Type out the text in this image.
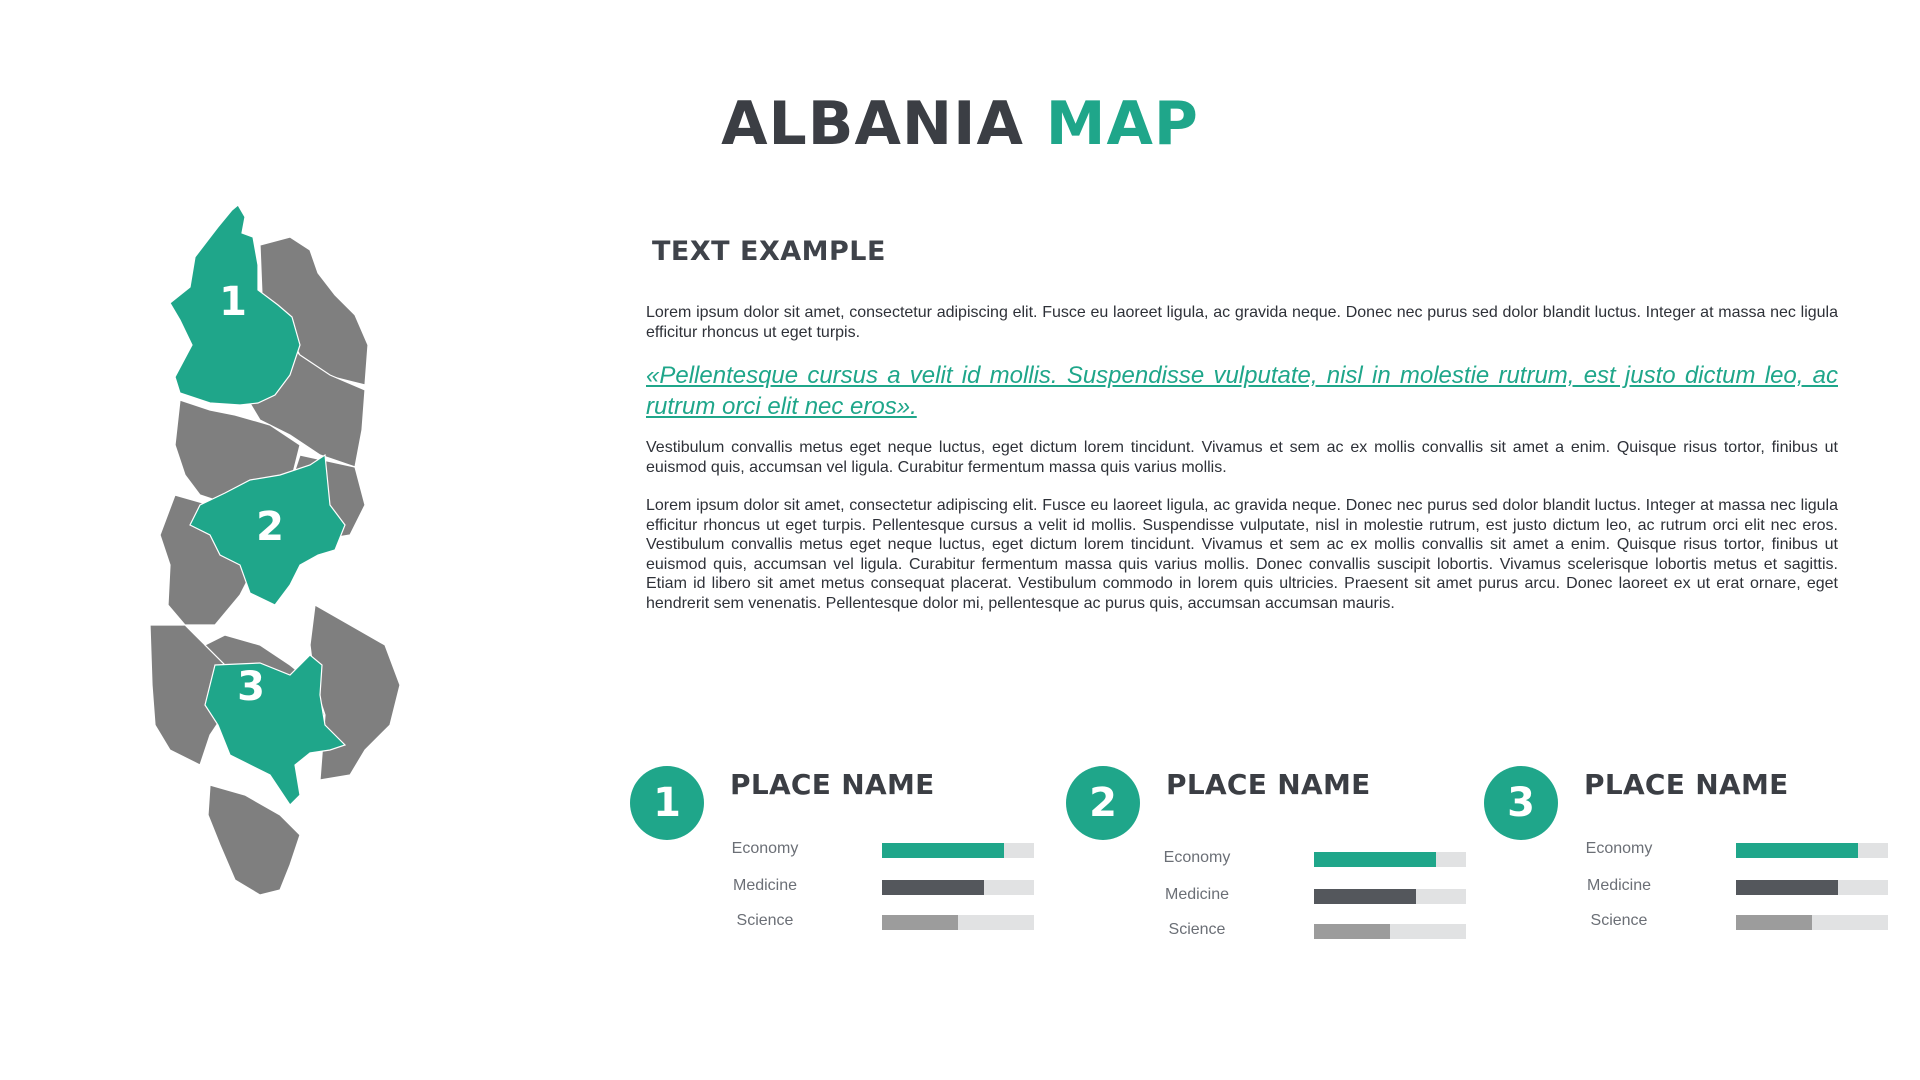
ALBANIA MAP
1
2
3
TEXT EXAMPLE

Lorem ipsum dolor sit amet, consectetur adipiscing elit. Fusce eu laoreet ligula, ac gravida neque. Donec nec purus sed dolor blandit luctus. Integer at massa nec ligula efficitur rhoncus ut eget turpis.

«Pellentesque cursus a velit id mollis. Suspendisse vulputate, nisl in molestie rutrum, est justo dictum leo, ac rutrum orci elit nec eros».

Vestibulum convallis metus eget neque luctus, eget dictum lorem tincidunt. Vivamus et sem ac ex mollis convallis sit amet a enim. Quisque risus tortor, finibus ut euismod quis, accumsan vel ligula. Curabitur fermentum massa quis varius mollis.

Lorem ipsum dolor sit amet, consectetur adipiscing elit. Fusce eu laoreet ligula, ac gravida neque. Donec nec purus sed dolor blandit luctus. Integer at massa nec ligula efficitur rhoncus ut eget turpis. Pellentesque cursus a velit id mollis. Suspendisse vulputate, nisl in molestie rutrum, est justo dictum leo, ac rutrum orci elit nec eros. Vestibulum convallis metus eget neque luctus, eget dictum lorem tincidunt. Vivamus et sem ac ex mollis convallis sit amet a enim. Quisque risus tortor, finibus ut euismod quis, accumsan vel ligula. Curabitur fermentum massa quis varius mollis. Donec convallis suscipit lobortis. Vivamus scelerisque lobortis metus et sagittis. Etiam id libero sit amet metus consequat placerat. Vestibulum commodo in lorem quis ultricies. Praesent sit amet purus arcu. Donec laoreet ex ut erat ornare, eget hendrerit sem venenatis. Pellentesque dolor mi, pellentesque ac purus quis, accumsan accumsan mauris.

1	PLACE NAME
Economy
Medicine
Science
2	PLACE NAME
Economy
Medicine
Science
3	PLACE NAME
Economy
Medicine
Science
